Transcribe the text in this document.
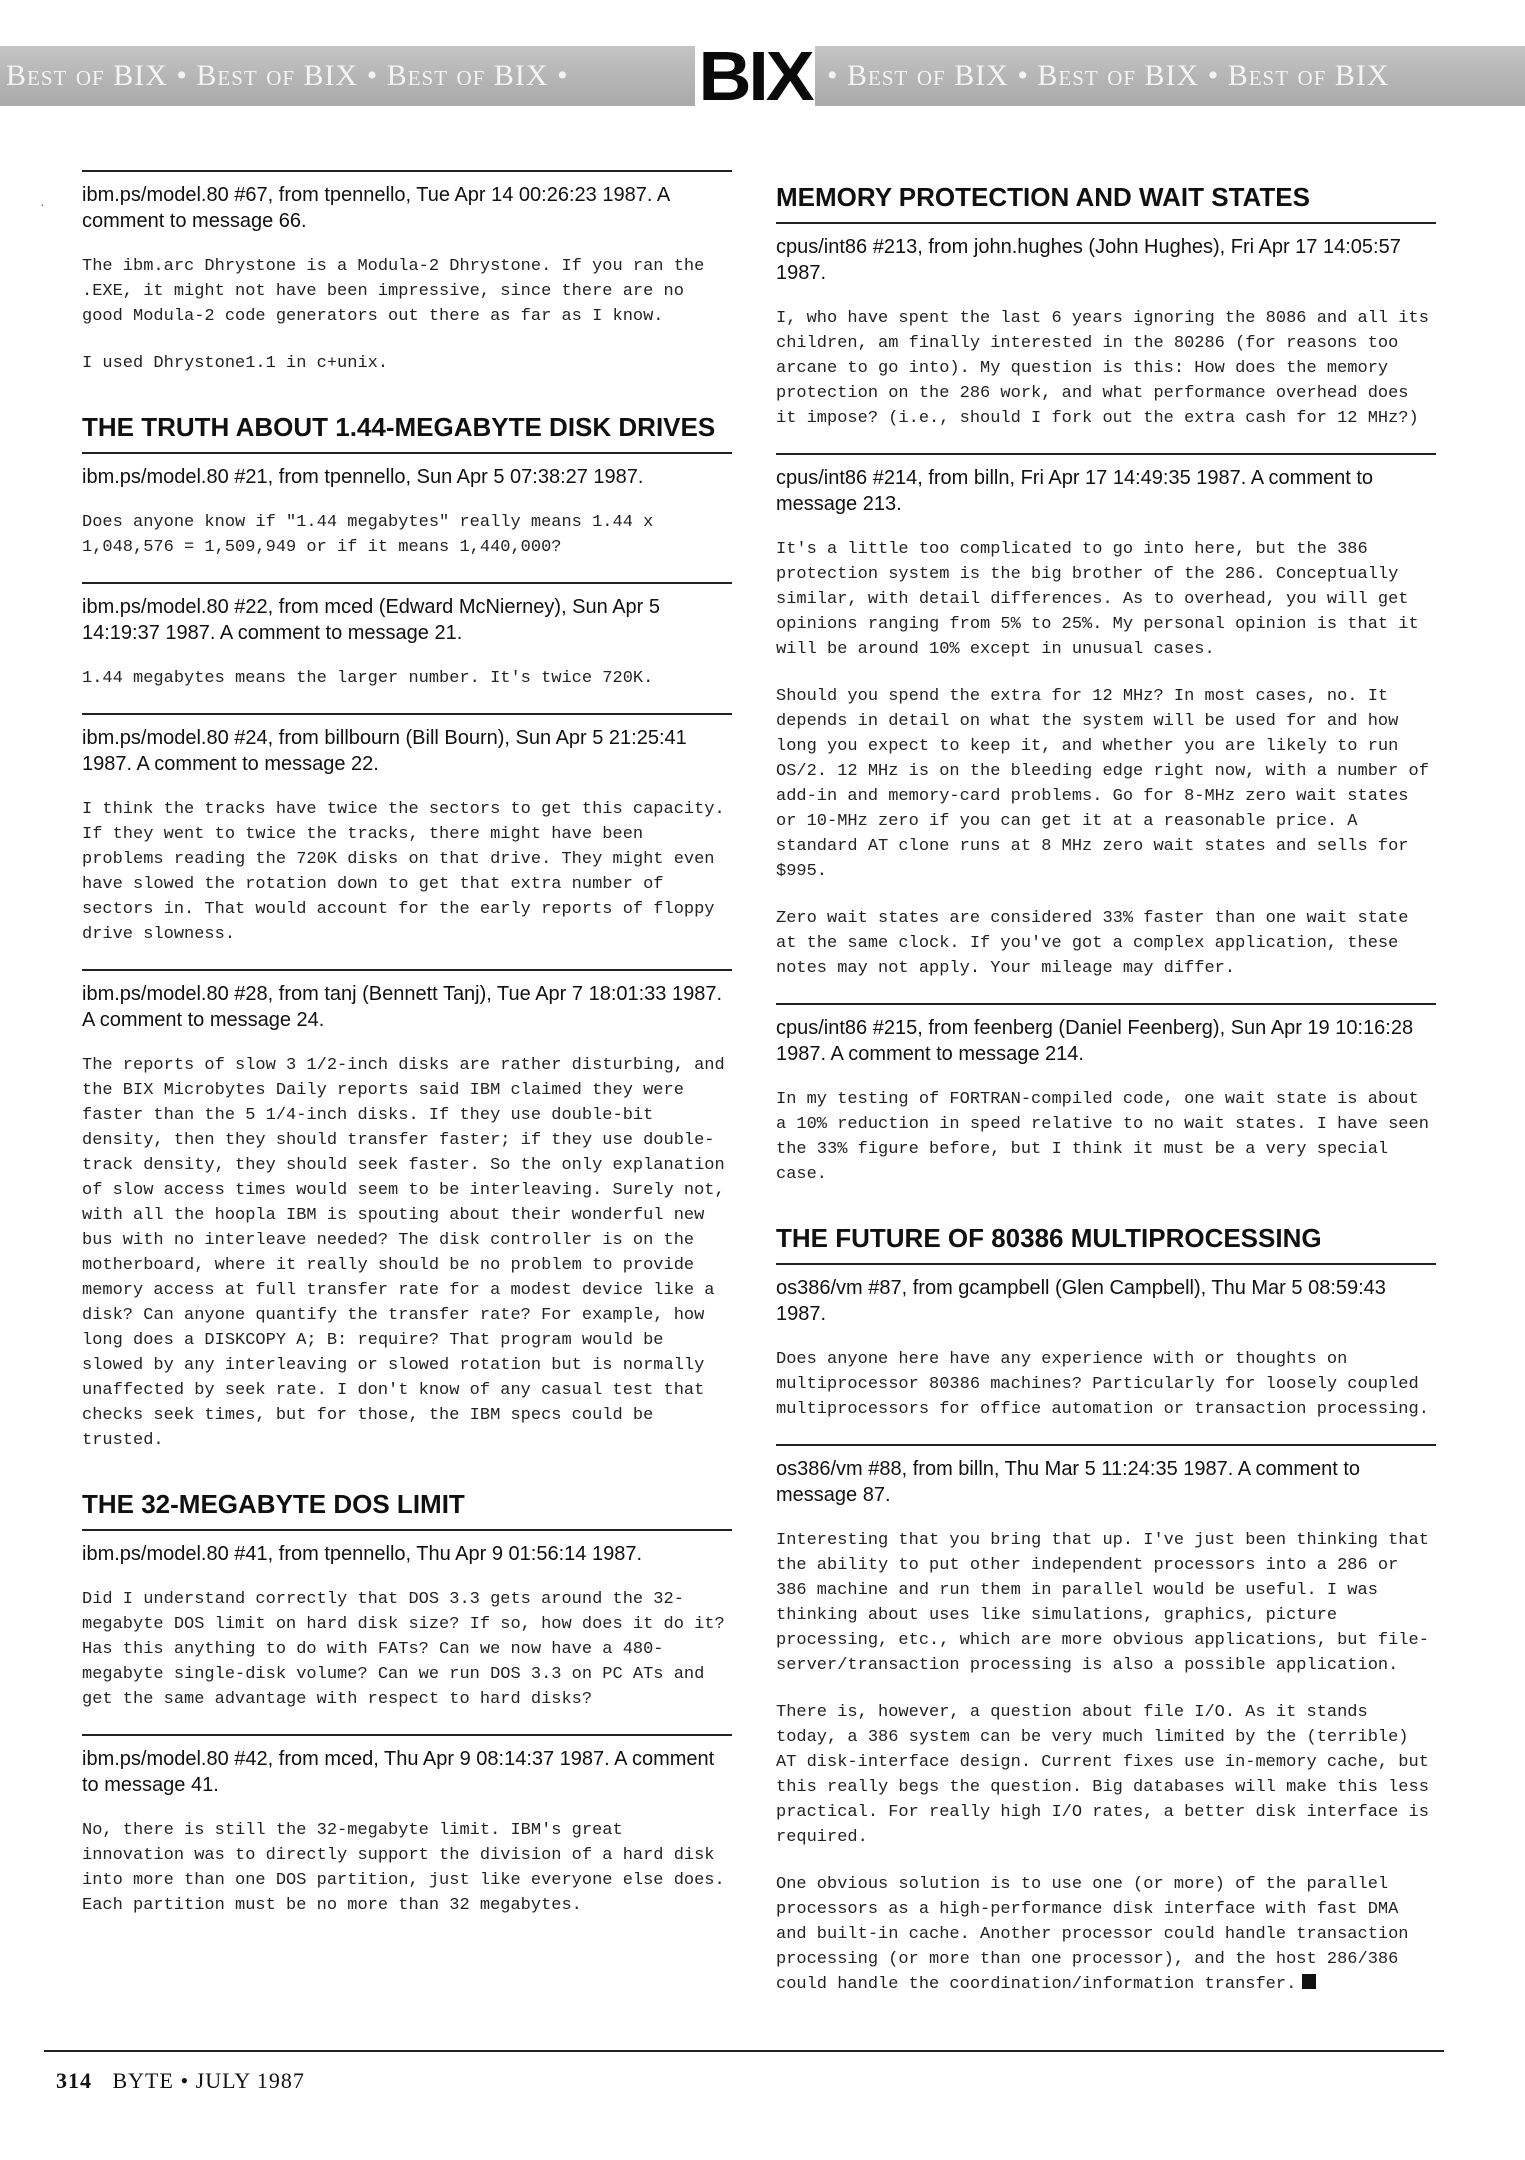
Best of BIX • Best of BIX • Best of BIX •	BIX • Best of BIX • Best of BIX • Best of BIX
· ibm.ps/model.80 #67, from tpennello, Tue Apr 14 00:26:23 1987. A comment to message 66.

The ibm.arc Dhrystone is a Modula-2 Dhrystone. If you ran the .EXE, it might not have been impressive, since there are no good Modula-2 code generators out there as far as I know.

I used Dhrystone1.1 in c+unix.

THE TRUTH ABOUT 1.44-MEGABYTE DISK DRIVES
ibm.ps/model.80 #21, from tpennello, Sun Apr 5 07:38:27 1987.

Does anyone know if "1.44 megabytes" really means 1.44 x 1,048,576 = 1,509,949 or if it means 1,440,000?

ibm.ps/model.80 #22, from mced (Edward McNierney), Sun Apr 5 14:19:37 1987. A comment to message 21.

1.44 megabytes means the larger number. It's twice 720K.

ibm.ps/model.80 #24, from billbourn (Bill Bourn), Sun Apr 5 21:25:41 1987. A comment to message 22.

I think the tracks have twice the sectors to get this capacity. If they went to twice the tracks, there might have been problems reading the 720K disks on that drive. They might even have slowed the rotation down to get that extra number of sectors in. That would account for the early reports of floppy drive slowness.

ibm.ps/model.80 #28, from tanj (Bennett Tanj), Tue Apr 7 18:01:33 1987. A comment to message 24.

The reports of slow 3 1/2-inch disks are rather disturbing, and the BIX Microbytes Daily reports said IBM claimed they were faster than the 5 1/4-inch disks. If they use double-bit density, then they should transfer faster; if they use double-track density, they should seek faster. So the only explanation of slow access times would seem to be interleaving. Surely not, with all the hoopla IBM is spouting about their wonderful new bus with no interleave needed? The disk controller is on the motherboard, where it really should be no problem to provide memory access at full transfer rate for a modest device like a disk? Can anyone quantify the transfer rate? For example, how long does a DISKCOPY A; B: require? That program would be slowed by any interleaving or slowed rotation but is normally unaffected by seek rate. I don't know of any casual test that checks seek times, but for those, the IBM specs could be trusted.

THE 32-MEGABYTE DOS LIMIT
ibm.ps/model.80 #41, from tpennello, Thu Apr 9 01:56:14 1987.

Did I understand correctly that DOS 3.3 gets around the 32-megabyte DOS limit on hard disk size? If so, how does it do it? Has this anything to do with FATs? Can we now have a 480-megabyte single-disk volume? Can we run DOS 3.3 on PC ATs and get the same advantage with respect to hard disks?

ibm.ps/model.80 #42, from mced, Thu Apr 9 08:14:37 1987. A comment to message 41.

No, there is still the 32-megabyte limit. IBM's great innovation was to directly support the division of a hard disk into more than one DOS partition, just like everyone else does. Each partition must be no more than 32 megabytes.

MEMORY PROTECTION AND WAIT STATES
cpus/int86 #213, from john.hughes (John Hughes), Fri Apr 17 14:05:57 1987.

I, who have spent the last 6 years ignoring the 8086 and all its children, am finally interested in the 80286 (for reasons too arcane to go into). My question is this: How does the memory protection on the 286 work, and what performance overhead does it impose? (i.e., should I fork out the extra cash for 12 MHz?)

cpus/int86 #214, from billn, Fri Apr 17 14:49:35 1987. A comment to message 213.

It's a little too complicated to go into here, but the 386 protection system is the big brother of the 286. Conceptually similar, with detail differences. As to overhead, you will get opinions ranging from 5% to 25%. My personal opinion is that it will be around 10% except in unusual cases.

Should you spend the extra for 12 MHz? In most cases, no. It depends in detail on what the system will be used for and how long you expect to keep it, and whether you are likely to run OS/2. 12 MHz is on the bleeding edge right now, with a number of add-in and memory-card problems. Go for 8-MHz zero wait states or 10-MHz zero if you can get it at a reasonable price. A standard AT clone runs at 8 MHz zero wait states and sells for $995.

Zero wait states are considered 33% faster than one wait state at the same clock. If you've got a complex application, these notes may not apply. Your mileage may differ.

cpus/int86 #215, from feenberg (Daniel Feenberg), Sun Apr 19 10:16:28 1987. A comment to message 214.

In my testing of FORTRAN-compiled code, one wait state is about a 10% reduction in speed relative to no wait states. I have seen the 33% figure before, but I think it must be a very special case.

THE FUTURE OF 80386 MULTIPROCESSING
os386/vm #87, from gcampbell (Glen Campbell), Thu Mar 5 08:59:43 1987.

Does anyone here have any experience with or thoughts on multiprocessor 80386 machines? Particularly for loosely coupled multiprocessors for office automation or transaction processing.

os386/vm #88, from billn, Thu Mar 5 11:24:35 1987. A comment to message 87.

Interesting that you bring that up. I've just been thinking that the ability to put other independent processors into a 286 or 386 machine and run them in parallel would be useful. I was thinking about uses like simulations, graphics, picture processing, etc., which are more obvious applications, but file-server/transaction processing is also a possible application.

There is, however, a question about file I/O. As it stands today, a 386 system can be very much limited by the (terrible) AT disk-interface design. Current fixes use in-memory cache, but this really begs the question. Big databases will make this less practical. For really high I/O rates, a better disk interface is required.

One obvious solution is to use one (or more) of the parallel processors as a high-performance disk interface with fast DMA and built-in cache. Another processor could handle transaction processing (or more than one processor), and the host 286/386 could handle the coordination/information transfer.

314 BYTE • JULY 1987
